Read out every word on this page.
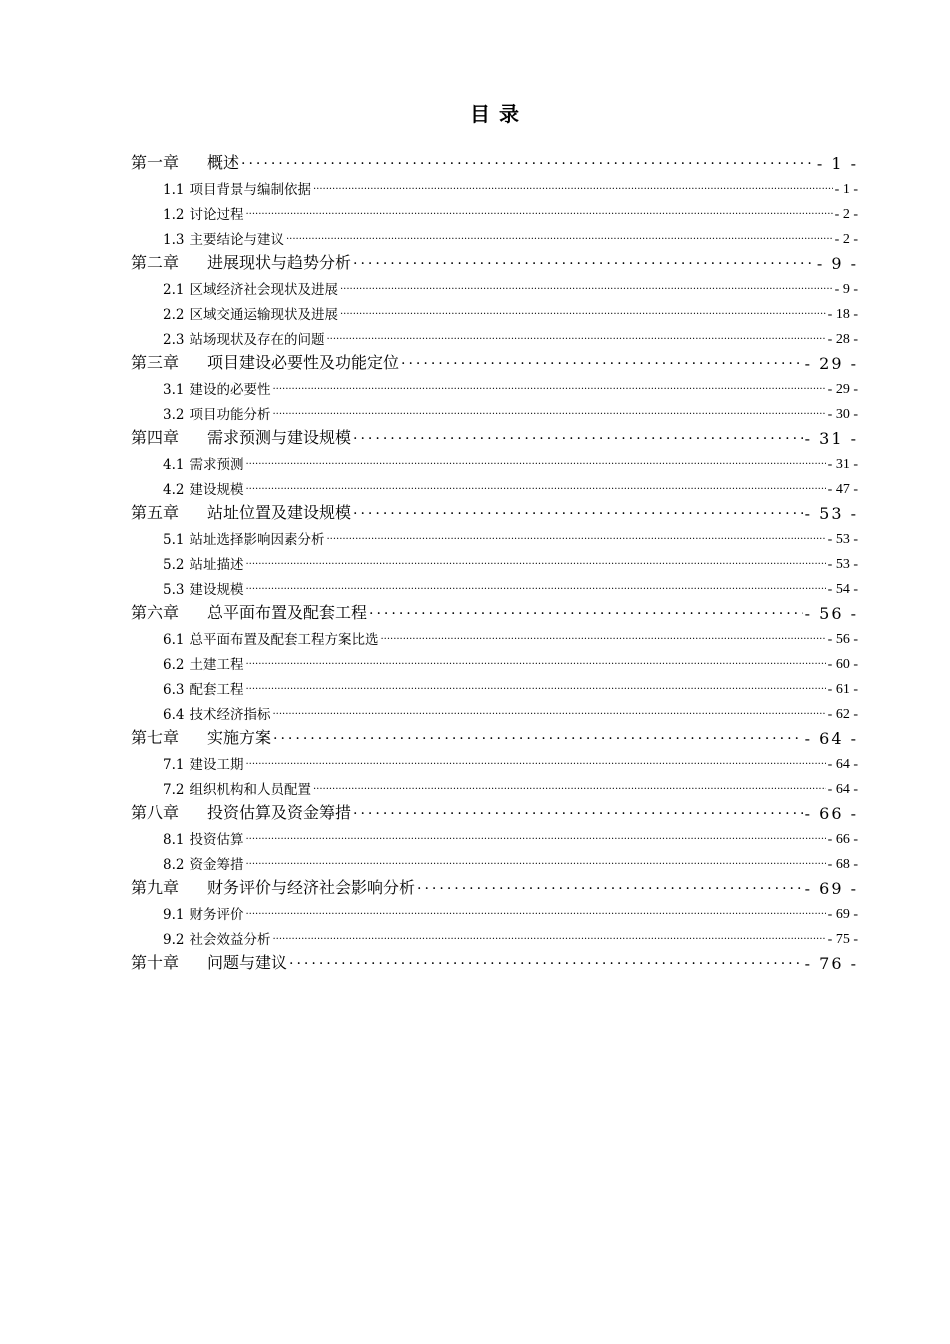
目 录
第一章 概述 .....	- 1 -
1.1 项目背景与编制依据 .....	- 1 -
1.2 讨论过程 .....	- 2 -
1.3 主要结论与建议 .....	- 2 -
第二章 进展现状与趋势分析 .....	- 9 -
2.1 区域经济社会现状及进展 .....	- 9 -
2.2 区域交通运输现状及进展 .....	- 18 -
2.3 站场现状及存在的问题 .....	- 28 -
第三章 项目建设必要性及功能定位 .....	- 29 -
3.1 建设的必要性 .....	- 29 -
3.2 项目功能分析 .....	- 30 -
第四章 需求预测与建设规模 .....	- 31 -
4.1 需求预测 .....	- 31 -
4.2 建设规模 .....	- 47 -
第五章 站址位置及建设规模 .....	- 53 -
5.1 站址选择影响因素分析 .....	- 53 -
5.2 站址描述 .....	- 53 -
5.3 建设规模 .....	- 54 -
第六章 总平面布置及配套工程 .....	- 56 -
6.1 总平面布置及配套工程方案比选 .....	- 56 -
6.2 土建工程 .....	- 60 -
6.3 配套工程 .....	- 61 -
6.4 技术经济指标 .....	- 62 -
第七章 实施方案 .....	- 64 -
7.1 建设工期 .....	- 64 -
7.2 组织机构和人员配置 .....	- 64 -
第八章 投资估算及资金筹措 .....	- 66 -
8.1 投资估算 .....	- 66 -
8.2 资金筹措 .....	- 68 -
第九章 财务评价与经济社会影响分析 .....	- 69 -
9.1 财务评价 .....	- 69 -
9.2 社会效益分析 .....	- 75 -
第十章 问题与建议 .....	- 76 -
